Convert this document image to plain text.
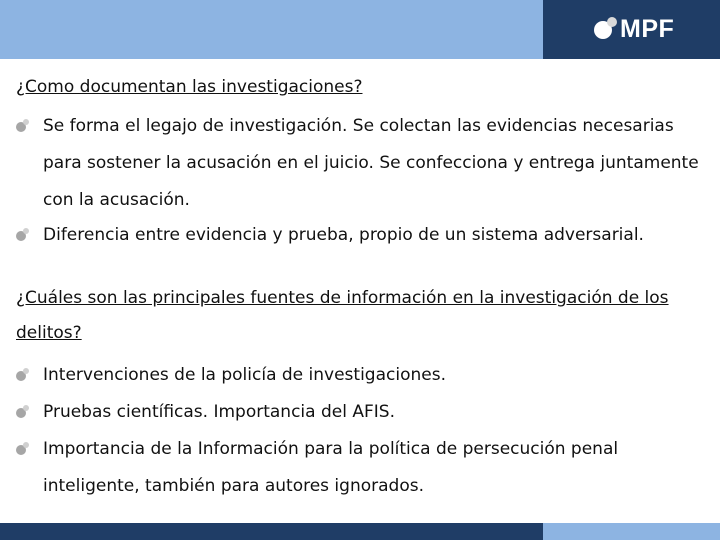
MPF
¿Como documentan las investigaciones?
Se forma el legajo de investigación. Se colectan las evidencias necesarias para sostener la acusación en el juicio. Se confecciona y entrega juntamente con la acusación.
Diferencia entre evidencia y prueba, propio de un sistema adversarial.
¿Cuáles son las principales fuentes de información en la investigación de los delitos?
Intervenciones de la policía de investigaciones.
Pruebas científicas. Importancia del AFIS.
Importancia de la Información para la política de persecución penal inteligente, también para autores ignorados.
